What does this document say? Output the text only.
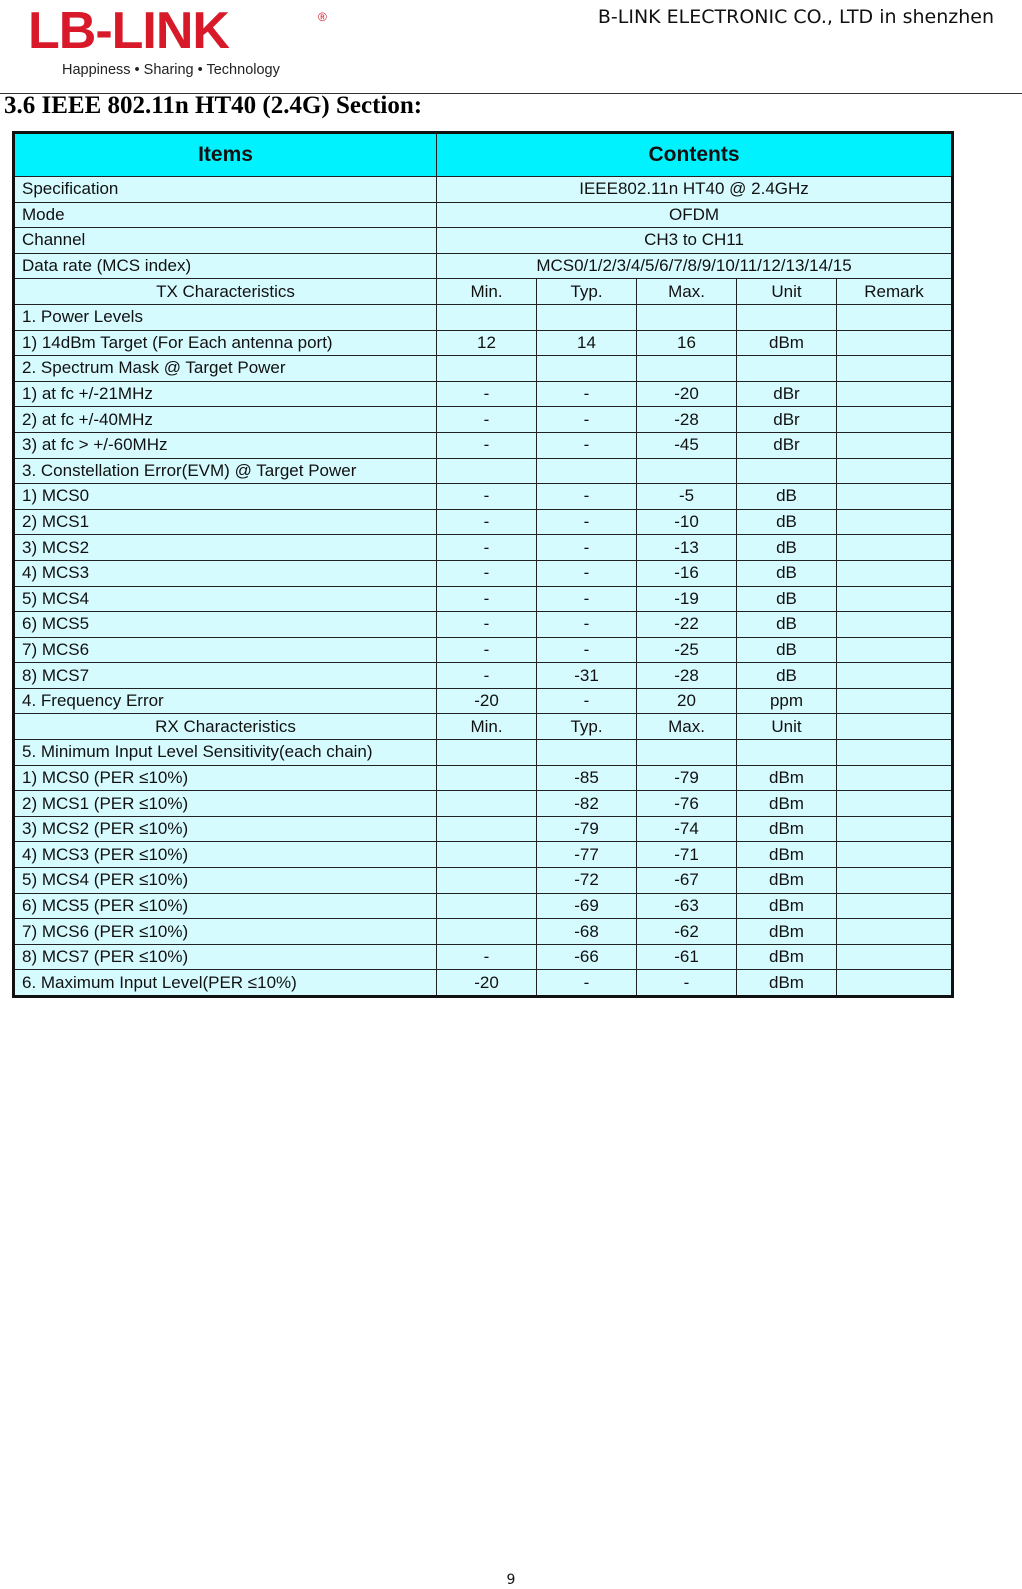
LB-LINK	®
Happiness • Sharing • Technology
B-LINK ELECTRONIC CO., LTD in shenzhen
3.6 IEEE 802.11n HT40 (2.4G) Section:
Items	Contents				
Specification	IEEE802.11n HT40 @ 2.4GHz				
Mode	OFDM				
Channel	CH3 to CH11				
Data rate (MCS index)	MCS0/1/2/3/4/5/6/7/8/9/10/11/12/13/14/15				
TX Characteristics	Min.	Typ.	Max.	Unit	Remark
1. Power Levels					
1) 14dBm Target (For Each antenna port)	12	14	16	dBm	
2. Spectrum Mask @ Target Power					
1) at fc +/-21MHz	-	-	-20	dBr	
2) at fc +/-40MHz	-	-	-28	dBr	
3) at fc > +/-60MHz	-	-	-45	dBr	
3. Constellation Error(EVM) @ Target Power					
1) MCS0	-	-	-5	dB	
2) MCS1	-	-	-10	dB	
3) MCS2	-	-	-13	dB	
4) MCS3	-	-	-16	dB	
5) MCS4	-	-	-19	dB	
6) MCS5	-	-	-22	dB	
7) MCS6	-	-	-25	dB	
8) MCS7	-	-31	-28	dB	
4. Frequency Error	-20	-	20	ppm	
RX Characteristics	Min.	Typ.	Max.	Unit	
5. Minimum Input Level Sensitivity(each chain)					
1) MCS0 (PER ≤10%)		-85	-79	dBm	
2) MCS1 (PER ≤10%)		-82	-76	dBm	
3) MCS2 (PER ≤10%)		-79	-74	dBm	
4) MCS3 (PER ≤10%)		-77	-71	dBm	
5) MCS4 (PER ≤10%)		-72	-67	dBm	
6) MCS5 (PER ≤10%)		-69	-63	dBm	
7) MCS6 (PER ≤10%)		-68	-62	dBm	
8) MCS7 (PER ≤10%)	-	-66	-61	dBm	
6. Maximum Input Level(PER ≤10%)	-20	-	-	dBm	
9
